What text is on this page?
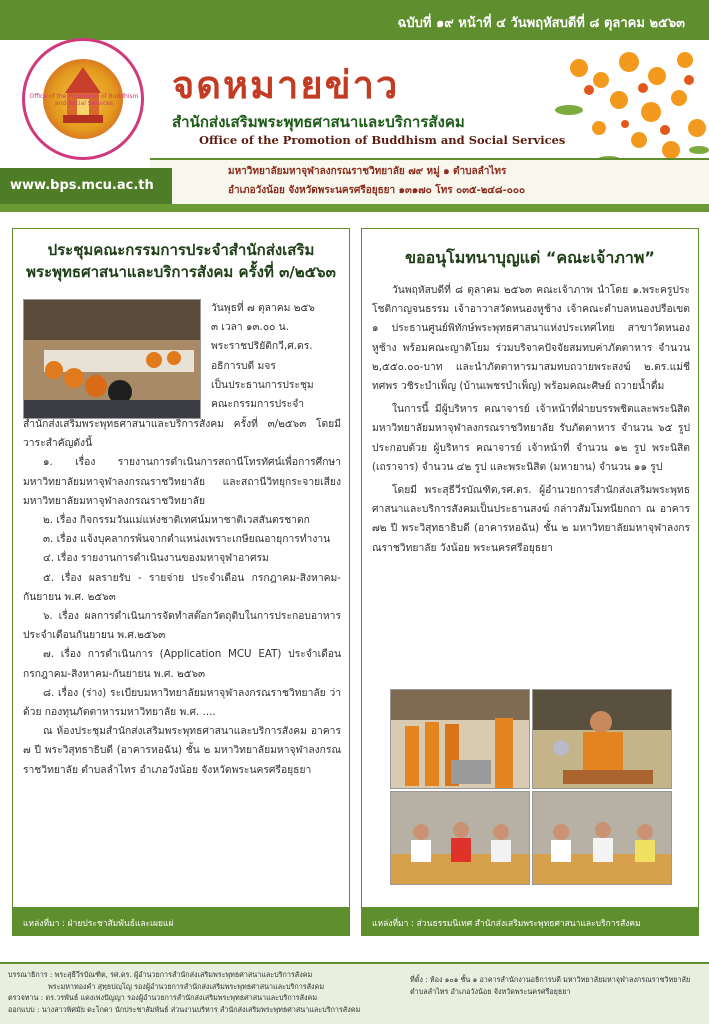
ฉบับที่ ๑๙ หน้าที่ ๔ วันพฤหัสบดีที่ ๘ ตุลาคม ๒๕๖๓
Office of the Promotion of Buddhism and Social Services	จดหมายข่าว
สำนักส่งเสริมพระพุทธศาสนาและบริการสังคม
Office of the Promotion of Buddhism and Social Services
มหาวิทยาลัยมหาจุฬาลงกรณราชวิทยาลัย ๗๙ หมู่ ๑ ตำบลลำไทร
อำเภอวังน้อย จังหวัดพระนครศรีอยุธยา ๑๓๑๗๐ โทร ๐๓๕-๒๔๘-๐๐๐
www.bps.mcu.ac.th
ประชุมคณะกรรมการประจำสำนักส่งเสริม
พระพุทธศาสนาและบริการสังคม ครั้งที่ ๓/๒๕๖๓
วันพุธที่ ๗ ตุลาคม ๒๕๖
๓ เวลา ๑๓.๐๐ น.
พระราชปริยัติกวี,ศ.ดร.
อธิการบดี มจร
เป็นประธานการประชุม
คณะกรรมการประจำ
สำนักส่งเสริมพระพุทธศาสนาและบริการสังคม ครั้งที่ ๓/๒๕๖๓ โดยมีวาระสำคัญดังนี้
๑. เรื่อง รายงานการดำเนินการสถานีโทรทัศน์เพื่อการศึกษา มหาวิทยาลัยมหาจุฬาลงกรณราชวิทยาลัย และสถานีวิทยุกระจายเสียง มหาวิทยาลัยมหาจุฬาลงกรณราชวิทยาลัย
๒. เรื่อง กิจกรรมวันแม่แห่งชาติเทศน์มหาชาติเวสสันตรชาดก
๓. เรื่อง แจ้งบุคลากรพ้นจากตำแหน่งเพราะเกษียณอายุการทำงาน
๔. เรื่อง รายงานการดำเนินงานของมหาจุฬาอาศรม
๕. เรื่อง ผลรายรับ - รายจ่าย ประจำเดือน กรกฎาคม-สิงหาคม-กันยายน พ.ศ. ๒๕๖๓
๖. เรื่อง ผลการดำเนินการจัดทำสต๊อกวัตถุดิบในการประกอบอาหาร ประจำเดือนกันยายน พ.ศ.๒๕๖๓
๗. เรื่อง การดำเนินการ (Application MCU EAT) ประจำเดือน กรกฎาคม-สิงหาคม-กันยายน พ.ศ. ๒๕๖๓
๘. เรื่อง (ร่าง) ระเบียบมหาวิทยาลัยมหาจุฬาลงกรณราชวิทยาลัย ว่าด้วย กองทุนภัตตาหารมหาวิทยาลัย พ.ศ. ....
ณ ห้องประชุมสำนักส่งเสริมพระพุทธศาสนาและบริการสังคม อาคาร ๗ ปี พระวิสุทธาธิบดี (อาคารหอฉัน) ชั้น ๒ มหาวิทยาลัยมหาจุฬาลงกรณราชวิทยาลัย ตำบลลำไทร อำเภอวังน้อย จังหวัดพระนครศรีอยุธยา
แหล่งที่มา : ฝ่ายประชาสัมพันธ์และเผยแผ่
ขออนุโมทนาบุญแด่ “คณะเจ้าภาพ”
วันพฤหัสบดีที่ ๘ ตุลาคม ๒๕๖๓ คณะเจ้าภาพ นำโดย ๑.พระครูประโชติกาญจนธรรม เจ้าอาวาสวัดหนองหูช้าง เจ้าคณะตำบลหนองปรือเขต ๑ ประธานศูนย์พิทักษ์พระพุทธศาสนาแห่งประเทศไทย สาขาวัดหนองหูช้าง พร้อมคณะญาติโยม ร่วมบริจาคปัจจัยสมทบค่าภัตตาหาร จำนวน ๒,๕๕๐.๐๐-บาท และนำภัตตาหารมาสมทบถวายพระสงฆ์ ๒.ดร.แม่ชีทศพร วชิระบำเพ็ญ (บ้านเพชรบำเพ็ญ) พร้อมคณะศิษย์ ถวายน้ำดื่ม
ในการนี้ มีผู้บริหาร คณาจารย์ เจ้าหน้าที่ฝ่ายบรรพชิตและพระนิสิตมหาวิทยาลัยมหาจุฬาลงกรณราชวิทยาลัย รับภัตตาหาร จำนวน ๖๕ รูป ประกอบด้วย ผู้บริหาร คณาจารย์ เจ้าหน้าที่ จำนวน ๑๒ รูป พระนิสิต (เถราจาร) จำนวน ๔๒ รูป และพระนิสิต (มหายาน) จำนวน ๑๑ รูป
โดยมี พระสุธีวีรบัณฑิต,รศ.ดร. ผู้อำนวยการสำนักส่งเสริมพระพุทธศาสนาและบริการสังคมเป็นประธานสงฆ์ กล่าวสัมโมทนียกถา ณ อาคาร ๗๒ ปี พระวิสุทธาธิบดี (อาคารหอฉัน) ชั้น ๒ มหาวิทยาลัยมหาจุฬาลงกรณราชวิทยาลัย วังน้อย พระนครศรีอยุธยา
แหล่งที่มา : ส่วนธรรมนิเทศ สำนักส่งเสริมพระพุทธศาสนาและบริการสังคม
บรรณาธิการ : พระสุธีวีรบัณฑิต, รศ.ดร. ผู้อำนวยการสำนักส่งเสริมพระพุทธศาสนาและบริการสังคม
พระมหาทองคำ สุทฺธปญฺโญ รองผู้อำนวยการสำนักส่งเสริมพระพุทธศาสนาและบริการสังคม
ตรวจทาน : ดร.วรพันธ์ แดงเพ่งปัญญา รองผู้อำนวยการสำนักส่งเสริมพระพุทธศาสนาและบริการสังคม
ออกแบบ : นางสาวพิศมัย ดะโกดา นักประชาสัมพันธ์ ส่วนงานบริหาร สำนักส่งเสริมพระพุทธศาสนาและบริการสังคม
ที่ตั้ง : ห้อง ๑๐๑ ชั้น ๑ อาคารสำนักงานอธิการบดี มหาวิทยาลัยมหาจุฬาลงกรณราชวิทยาลัย
ตำบลลำไทร อำเภอวังน้อย จังหวัดพระนครศรีอยุธยา
